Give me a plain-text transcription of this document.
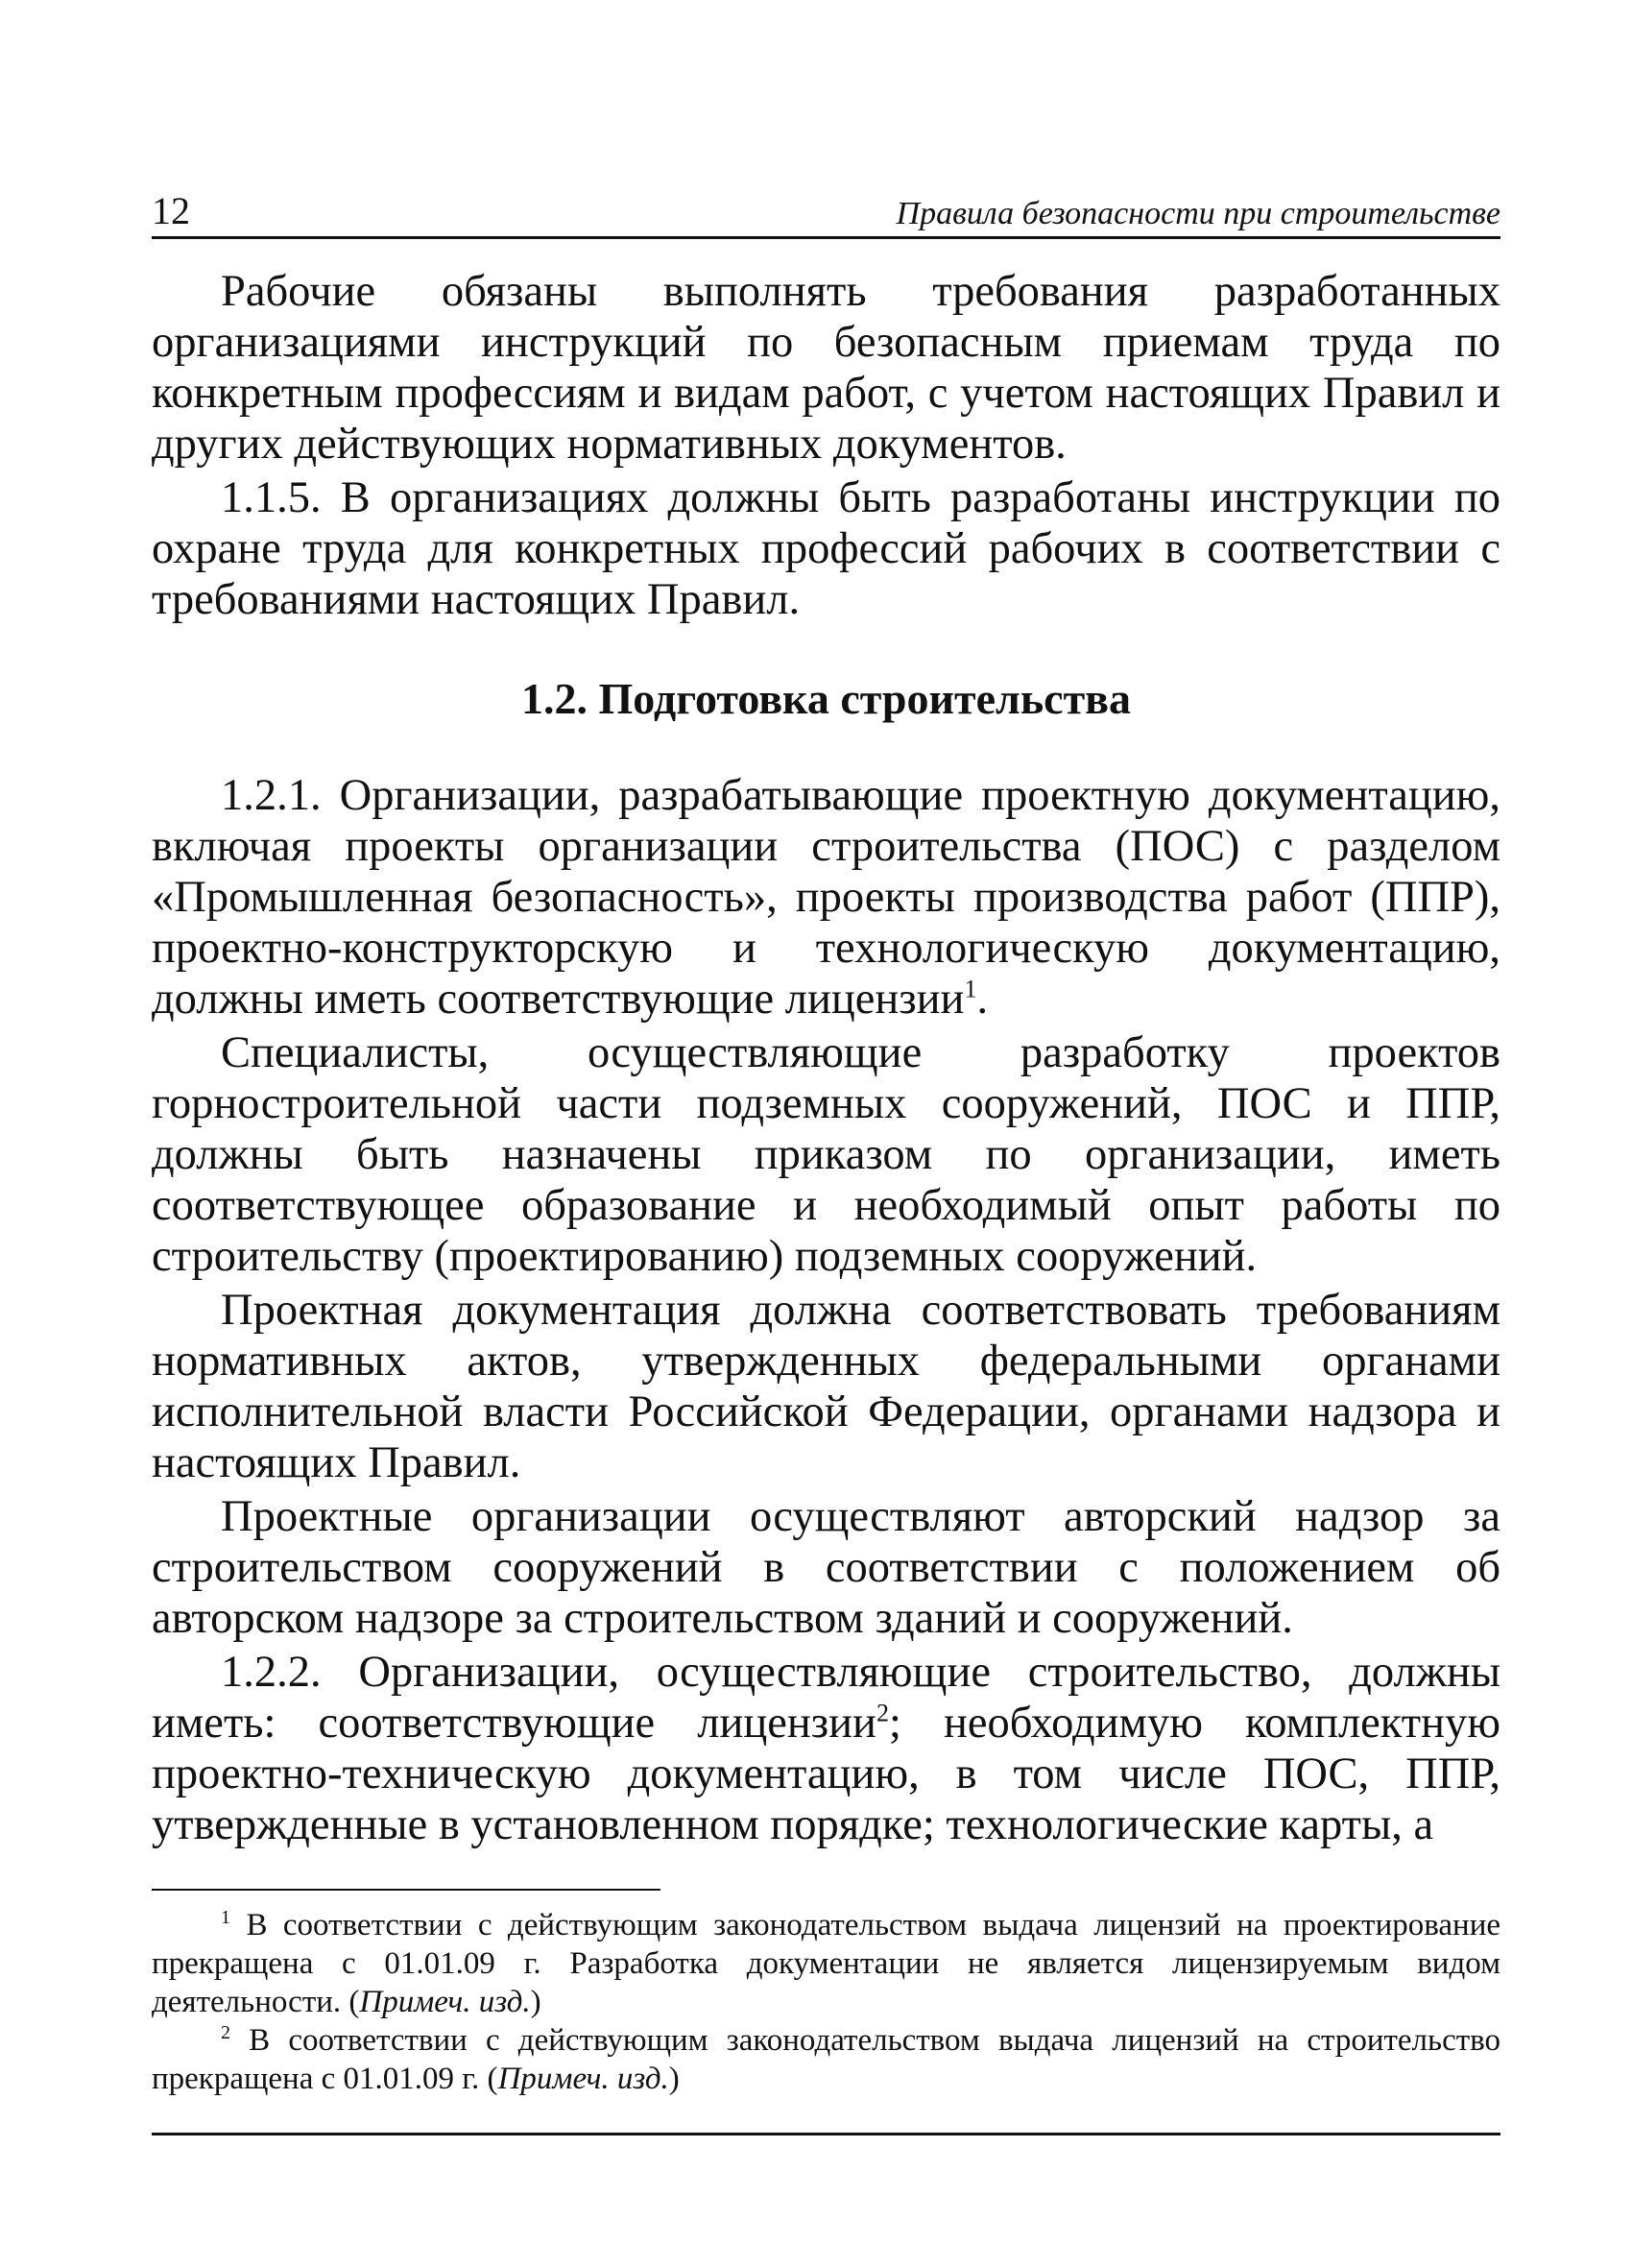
12	Правила безопасности при строительстве

Рабочие обязаны выполнять требования разработанных организациями инструкций по безопасным приемам труда по конкретным профессиям и видам работ, с учетом настоящих Правил и других действующих нормативных документов.

1.1.5. В организациях должны быть разработаны инструкции по охране труда для конкретных профессий рабочих в соответствии с требованиями настоящих Правил.

1.2. Подготовка строительства

1.2.1. Организации, разрабатывающие проектную документацию, включая проекты организации строительства (ПОС) с разделом «Промышленная безопасность», проекты производства работ (ППР), проектно-конструкторскую и технологическую документацию, должны иметь соответствующие лицензии$^1$.

Специалисты, осуществляющие разработку проектов горностроительной части подземных сооружений, ПОС и ППР, должны быть назначены приказом по организации, иметь соответствующее образование и необходимый опыт работы по строительству (проектированию) подземных сооружений.

Проектная документация должна соответствовать требованиям нормативных актов, утвержденных федеральными органами исполнительной власти Российской Федерации, органами надзора и настоящих Правил.

Проектные организации осуществляют авторский надзор за строительством сооружений в соответствии с положением об авторском надзоре за строительством зданий и сооружений.

1.2.2. Организации, осуществляющие строительство, должны иметь: соответствующие лицензии$^2$; необходимую комплектную проектно-техническую документацию, в том числе ПОС, ППР, утвержденные в установленном порядке; технологические карты, а

$^1$ В соответствии с действующим законодательством выдача лицензий на проектирование прекращена с 01.01.09 г. Разработка документации не является лицензируемым видом деятельности. (Примеч. изд.)

$^2$ В соответствии с действующим законодательством выдача лицензий на строительство прекращена с 01.01.09 г. (Примеч. изд.)
